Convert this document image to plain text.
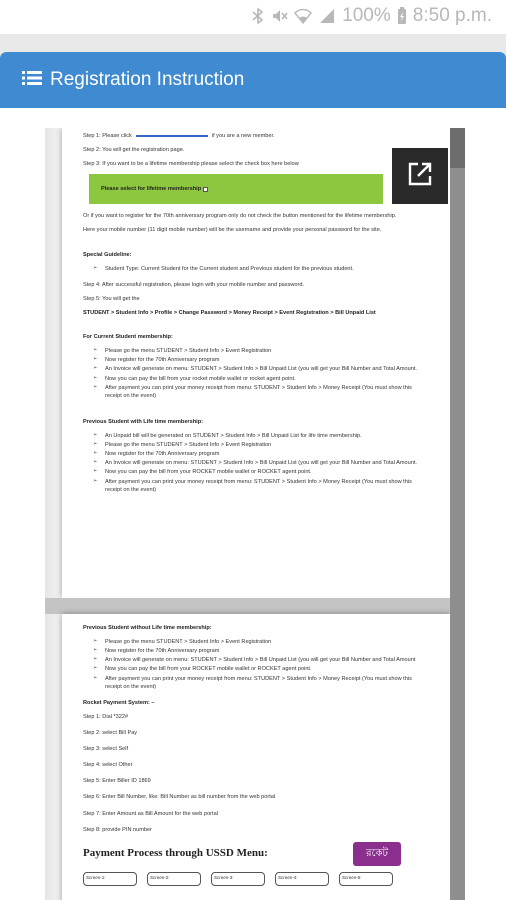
100% 8:50 p.m.
Registration Instruction

Step 1: Please click	if you are a new member.

Step 2: You will get the registration page.

Step 3: If you want to be a lifetime membership please select the check box here below

Please select for lifetime membership

Or if you want to register for the 70th anniversary program only do not check the button mentioned for the lifetime membership.

Here your mobile number (11 digit mobile number) will be the username and provide your personal password for the site.

Special Guideline:

➢ Student Type: Current Student for the Current student and Previous student for the previous student.

Step 4: After successful registration, please login with your mobile number and password.

Step 5: You will get the

STUDENT > Student Info > Profile > Change Password > Money Receipt > Event Registration > Bill Unpaid List

For Current Student membership:

➢ Please go the menu STUDENT > Student Info > Event Registration
➢ Now register for the 70th Anniversary program
➢ An Invoice will generate on menu: STUDENT > Student Info > Bill Unpaid List (you will get your Bill Number and Total Amount.
➢ Now you can pay the bill from your rocket mobile wallet or rocket agent point.
➢ After payment you can print your money receipt from menu: STUDENT > Student Info > Money Receipt (You must show this receipt on the event)

Previous Student with Life time membership:

➢ An Unpaid bill will be generated on STUDENT > Student Info > Bill Unpaid List for life time membership.
➢ Please go the menu STUDENT > Student Info > Event Registration
➢ Now register for the 70th Anniversary program
➢ An Invoice will generate on menu: STUDENT > Student Info > Bill Unpaid List (you will get your Bill Number and Total Amount.
➢ Now you can pay the bill from your ROCKET mobile wallet or ROCKET agent point.
➢ After payment you can print your money receipt from menu: STUDENT > Student Info > Money Receipt (You must show this receipt on the event)

Previous Student without Life time membership:

➢ Please go the menu STUDENT > Student Info > Event Registration
➢ Now register for the 70th Anniversary program
➢ An Invoice will generate on menu: STUDENT > Student Info > Bill Unpaid List (you will get your Bill Number and Total Amount
➢ Now you can pay the bill from your ROCKET mobile wallet or ROCKET agent point.
➢ After payment you can print your money receipt from menu: STUDENT > Student Info > Money Receipt (You must show this receipt on the event)

Rocket Payment System: –

Step 1: Dial *322#

Step 2: select Bill Pay

Step 3: select Self

Step 4: select Other

Step 5: Enter Biller ID 1869

Step 6: Enter Bill Number, like: Bill Number as bill number from the web portal

Step 7: Enter Amount as Bill Amount for the web portal

Step 8: provide PIN number

Payment Process through USSD Menu:	রকেট
Screen-1:	Screen-2:	Screen-3:	Screen-4:	Screen-5:
